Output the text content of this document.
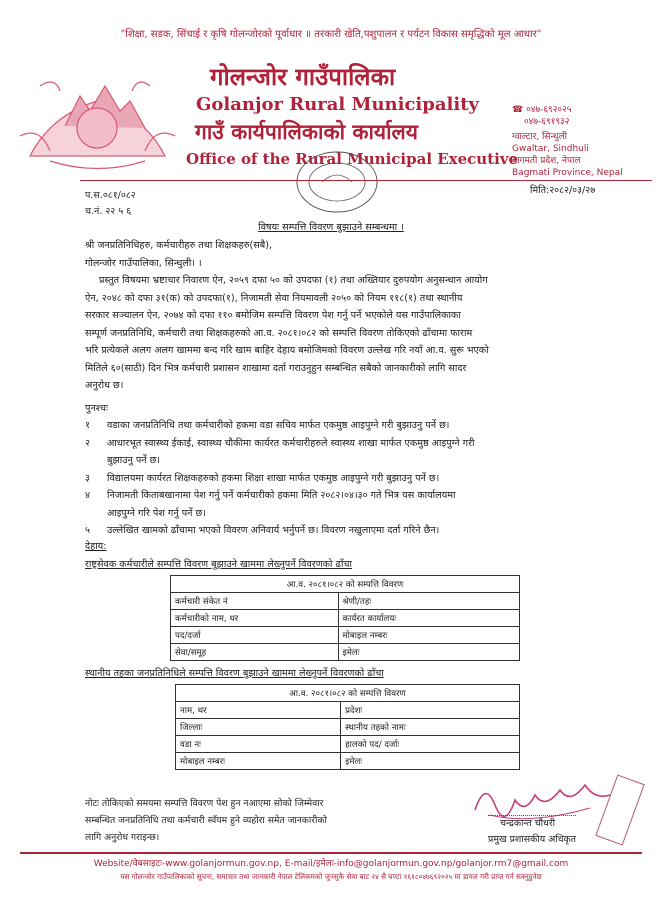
"शिक्षा, सडक, सिंचाई र कृषि गोलन्जोरको पूर्वाधार ॥ तरकारी खेति,पशुपालन र पर्यटन विकास समृद्धिको मूल आधार"
गोलन्जोर गाउँपालिका
Golanjor Rural Municipality
गाउँ कार्यपालिकाको कार्यालय
Office of the Rural Municipal Executive
☎ ०४७-६९२०२५
०४७-६९१९३२
ग्वाल्टार, सिन्धुली
Gwaltar, Sindhuli
बागमती प्रदेश, नेपाल
Bagmati Province, Nepal
प.स.०८१/०८२
च.नं. २२ ५ ६
मिति:२०८२/०३/२७
विषयः सम्पत्ति विवरण बुझाउने सम्बन्धमा ।
श्री जनप्रतिनिधिहरु, कर्मचारीहरु तथा शिक्षकहरु(सबै),
गोलन्जोर गाउँपालिका, सिन्धुली। ।
प्रस्तुत विषयमा भ्रष्टाचार निवारण ऐन, २०५९ दफा ५० को उपदफा (१) तथा अख्तियार दुरुपयोग अनुसन्धान आयोग
ऐन, २०४८ को दफा ३१(क) को उपदफा(१), निजामती सेवा नियमावली २०५० को नियम ११८(१) तथा स्थानीय
सरकार सञ्चालन ऐन, २०७४ को दफा ११० बमोजिम सम्पत्ति विवरण पेश गर्नु पर्ने भएकोले यस गाउँपालिकाका
सम्पूर्ण जनप्रतिनिधि, कर्मचारी तथा शिक्षकहरुको आ.व. २०८१।०८२ को सम्पत्ति विवरण तोकिएको ढाँचामा फाराम
भरि प्रत्येकले अलग अलग खाममा बन्द गरि खाम बाहिर देहाय बमोजिमको विवरण उल्लेख गरि नयाँ आ.व. सुरू भएको
मितिले ६०(साठी) दिन भित्र कर्मचारी प्रशासन शाखामा दर्ता गराउनुहुन सम्बन्धित सबैको जानकारीको लागि सादर
अनुरोध छ।
पुनश्चः
१	वडाका जनप्रतिनिधि तथा कर्मचारीको हकमा वडा सचिव मार्फत एकमुष्ठ आइपुग्ने गरी बुझाउनु पर्ने छ।
२	आधारभूत स्वास्थ्य ईकाई, स्वास्थ्य चौकीमा कार्यरत कर्मचारीहरुले स्वास्थ्य शाखा मार्फत एकमुष्ठ आइपुग्ने गरी
बुझाउनु पर्ने छ।
३	विद्यालयमा कार्यरत शिक्षकहरुको हकमा शिक्षा शाखा मार्फत एकमुष्ठ आइपुग्ने गरी बुझाउनु पर्ने छ।
४	निजामती किताबखानामा पेश गर्नु पर्ने कर्मचारीको हकमा मिति २०८२।०४।३० गते भित्र यस कार्यालयमा
आइपुग्ने गरि पेश गर्नु पर्ने छ।
५	उल्लेखित खामको ढाँचामा भएको विवरण अनिवार्य भर्नुपर्ने छ। विवरण नखुलाएमा दर्ता गरिने छैन।
देहाय:
राष्ट्रसेवक कर्मचारीले सम्पत्ति विवरण बुझाउने खाममा लेख्नुपर्ने विवरणको ढाँचा
आ.व. २०८१।०८२ को सम्पत्ति विवरण	
कर्मचारी संकेत नं	श्रेणी/तहः
कर्मचारीको नाम, थर	कार्यरत कार्यालयः
पद/दर्जा	मोबाइल नम्बरः
सेवा/समूह	इमेलः
स्थानीय तहका जनप्रतिनिधिले सम्पत्ति विवरण बुझाउने खाममा लेख्नुपर्ने विवरणको ढाँचा
आ.व. २०८१।०८२ को सम्पत्ति विवरण	
नाम, थर	प्रदेशः
जिल्लाः	स्थानीय तहको नामः
वडा नः	हालको पद/ दर्जाः
मोबाइल नम्बरः	इमेलः
नोटः तोकिएको समयमा सम्पत्ति विवरण पेश हुन नआएमा सोको जिम्मेवार
सम्बन्धित जनप्रतिनिधि तथा कर्मचारी स्वँयम हुने व्यहोरा समेत जानकारीको
लागि अनुरोध गराइन्छ।
चन्द्रकान्त चौधरी
प्रमुख प्रशासकीय अधिकृत
Website/वेबसाइटः-www.golanjormun.gov.np, E-mail/इमेलः-info@golanjormun.gov.np/golanjor.rm7@gmail.com
यस गोलन्जोर गाउँपालिकाको सूचना, समाचार तथा जानकारी नेपाल टेलिकमको जुनसुकै सेवा बाट २४ सै घण्टा १६१८०४७६९२०२५ मा डायल गरी प्राप्त गर्न सक्नुहुनेछ
